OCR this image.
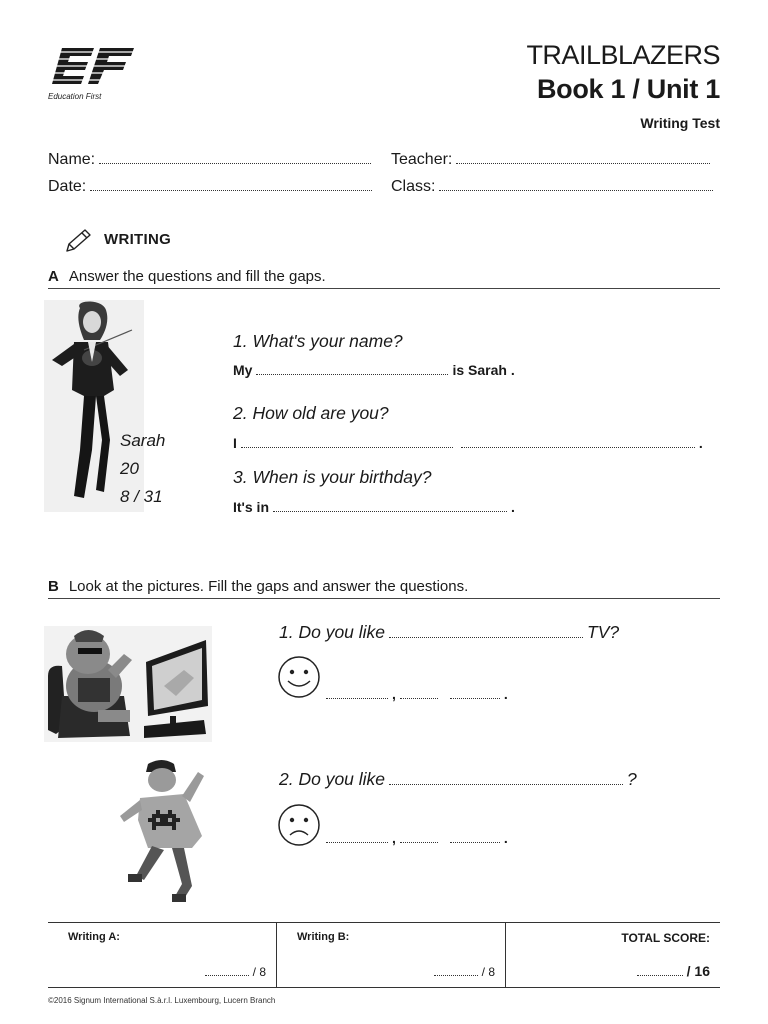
EF
Education First
TRAILBLAZERS
Book 1 / Unit 1
Writing Test
Name:	Teacher:
Date:	Class:
WRITING
A Answer the questions and fill the gaps.
Sarah
20
8 / 31
1. What's your name?
My	is Sarah .
2. How old are you?
I	.
3. When is your birthday?
It's in	.
B Look at the pictures. Fill the gaps and answer the questions.
1. Do you like	TV?
,	.
2. Do you like	?
,	.
Writing A:
/ 8
Writing B:
/ 8
TOTAL SCORE:
/ 16
©2016 Signum International S.à.r.l. Luxembourg, Lucern Branch
